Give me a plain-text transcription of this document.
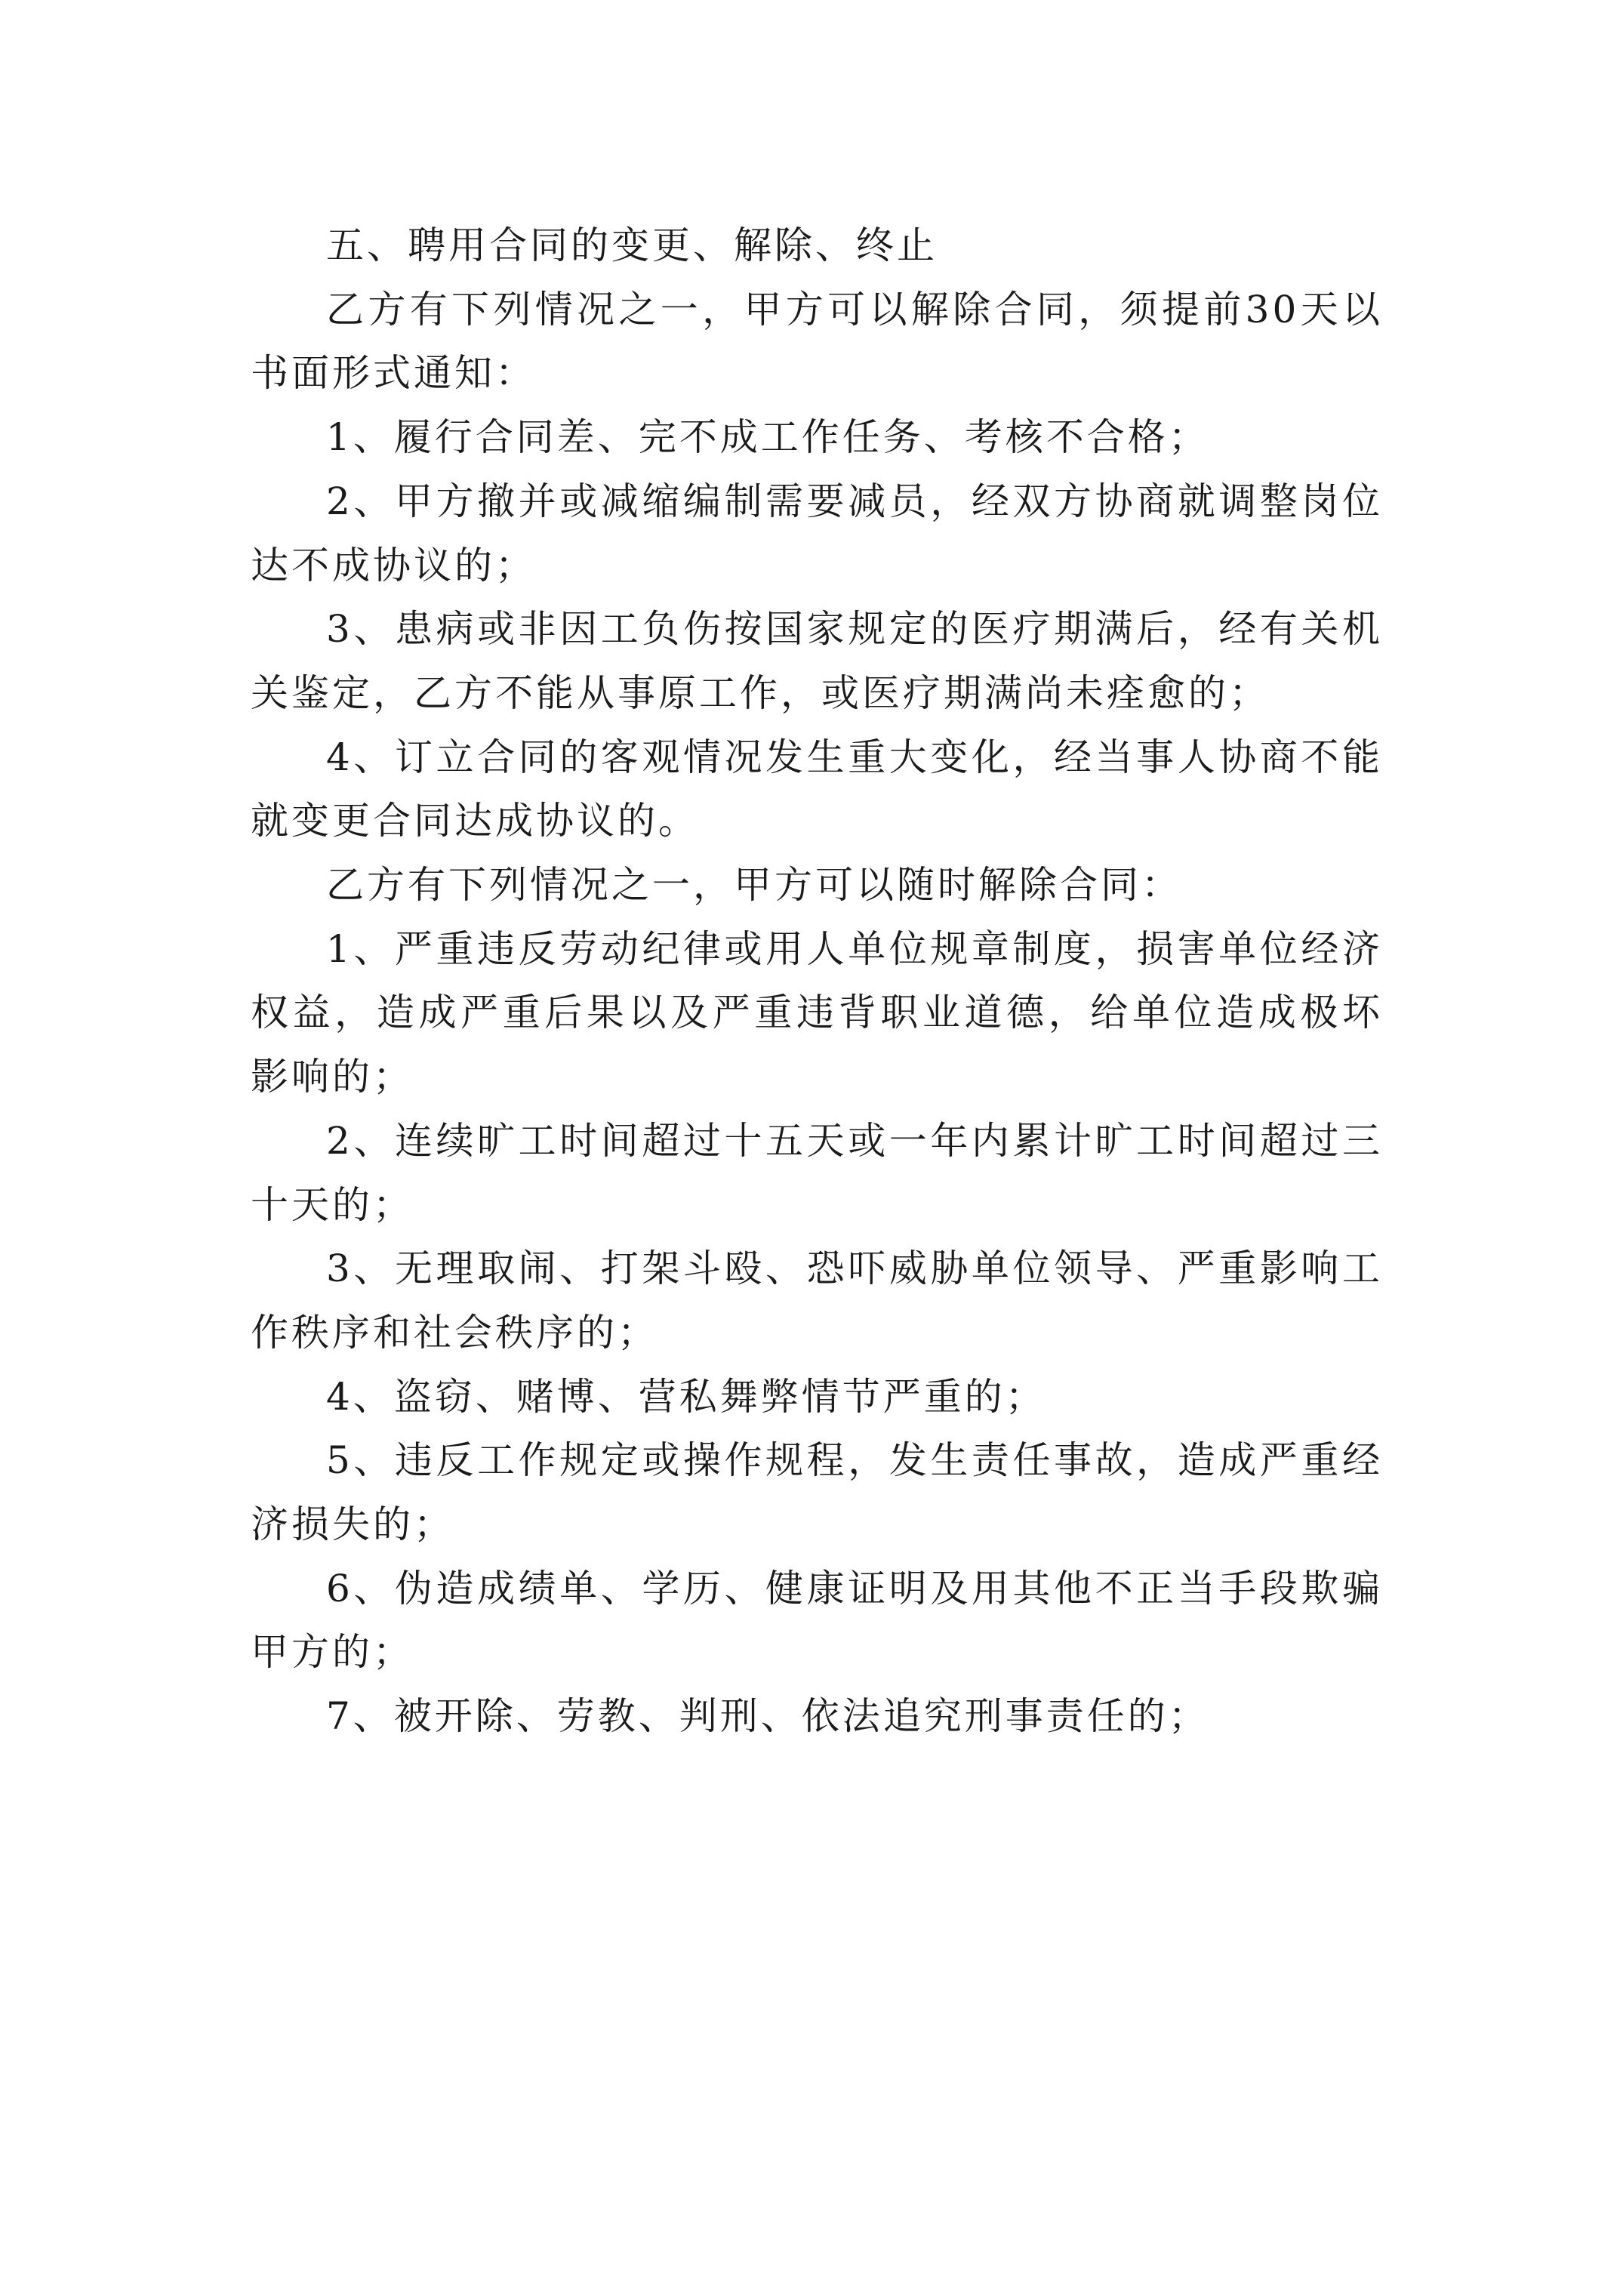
五、聘用合同的变更、解除、终止

乙方有下列情况之一，甲方可以解除合同，须提前30天以书面形式通知：

1、履行合同差、完不成工作任务、考核不合格；

2、甲方撤并或减缩编制需要减员，经双方协商就调整岗位达不成协议的；

3、患病或非因工负伤按国家规定的医疗期满后，经有关机关鉴定，乙方不能从事原工作，或医疗期满尚未痊愈的；

4、订立合同的客观情况发生重大变化，经当事人协商不能就变更合同达成协议的。

乙方有下列情况之一，甲方可以随时解除合同：

1、严重违反劳动纪律或用人单位规章制度，损害单位经济权益，造成严重后果以及严重违背职业道德，给单位造成极坏影响的；

2、连续旷工时间超过十五天或一年内累计旷工时间超过三十天的；

3、无理取闹、打架斗殴、恐吓威胁单位领导、严重影响工作秩序和社会秩序的；

4、盗窃、赌博、营私舞弊情节严重的；

5、违反工作规定或操作规程，发生责任事故，造成严重经济损失的；

6、伪造成绩单、学历、健康证明及用其他不正当手段欺骗甲方的；

7、被开除、劳教、判刑、依法追究刑事责任的；
